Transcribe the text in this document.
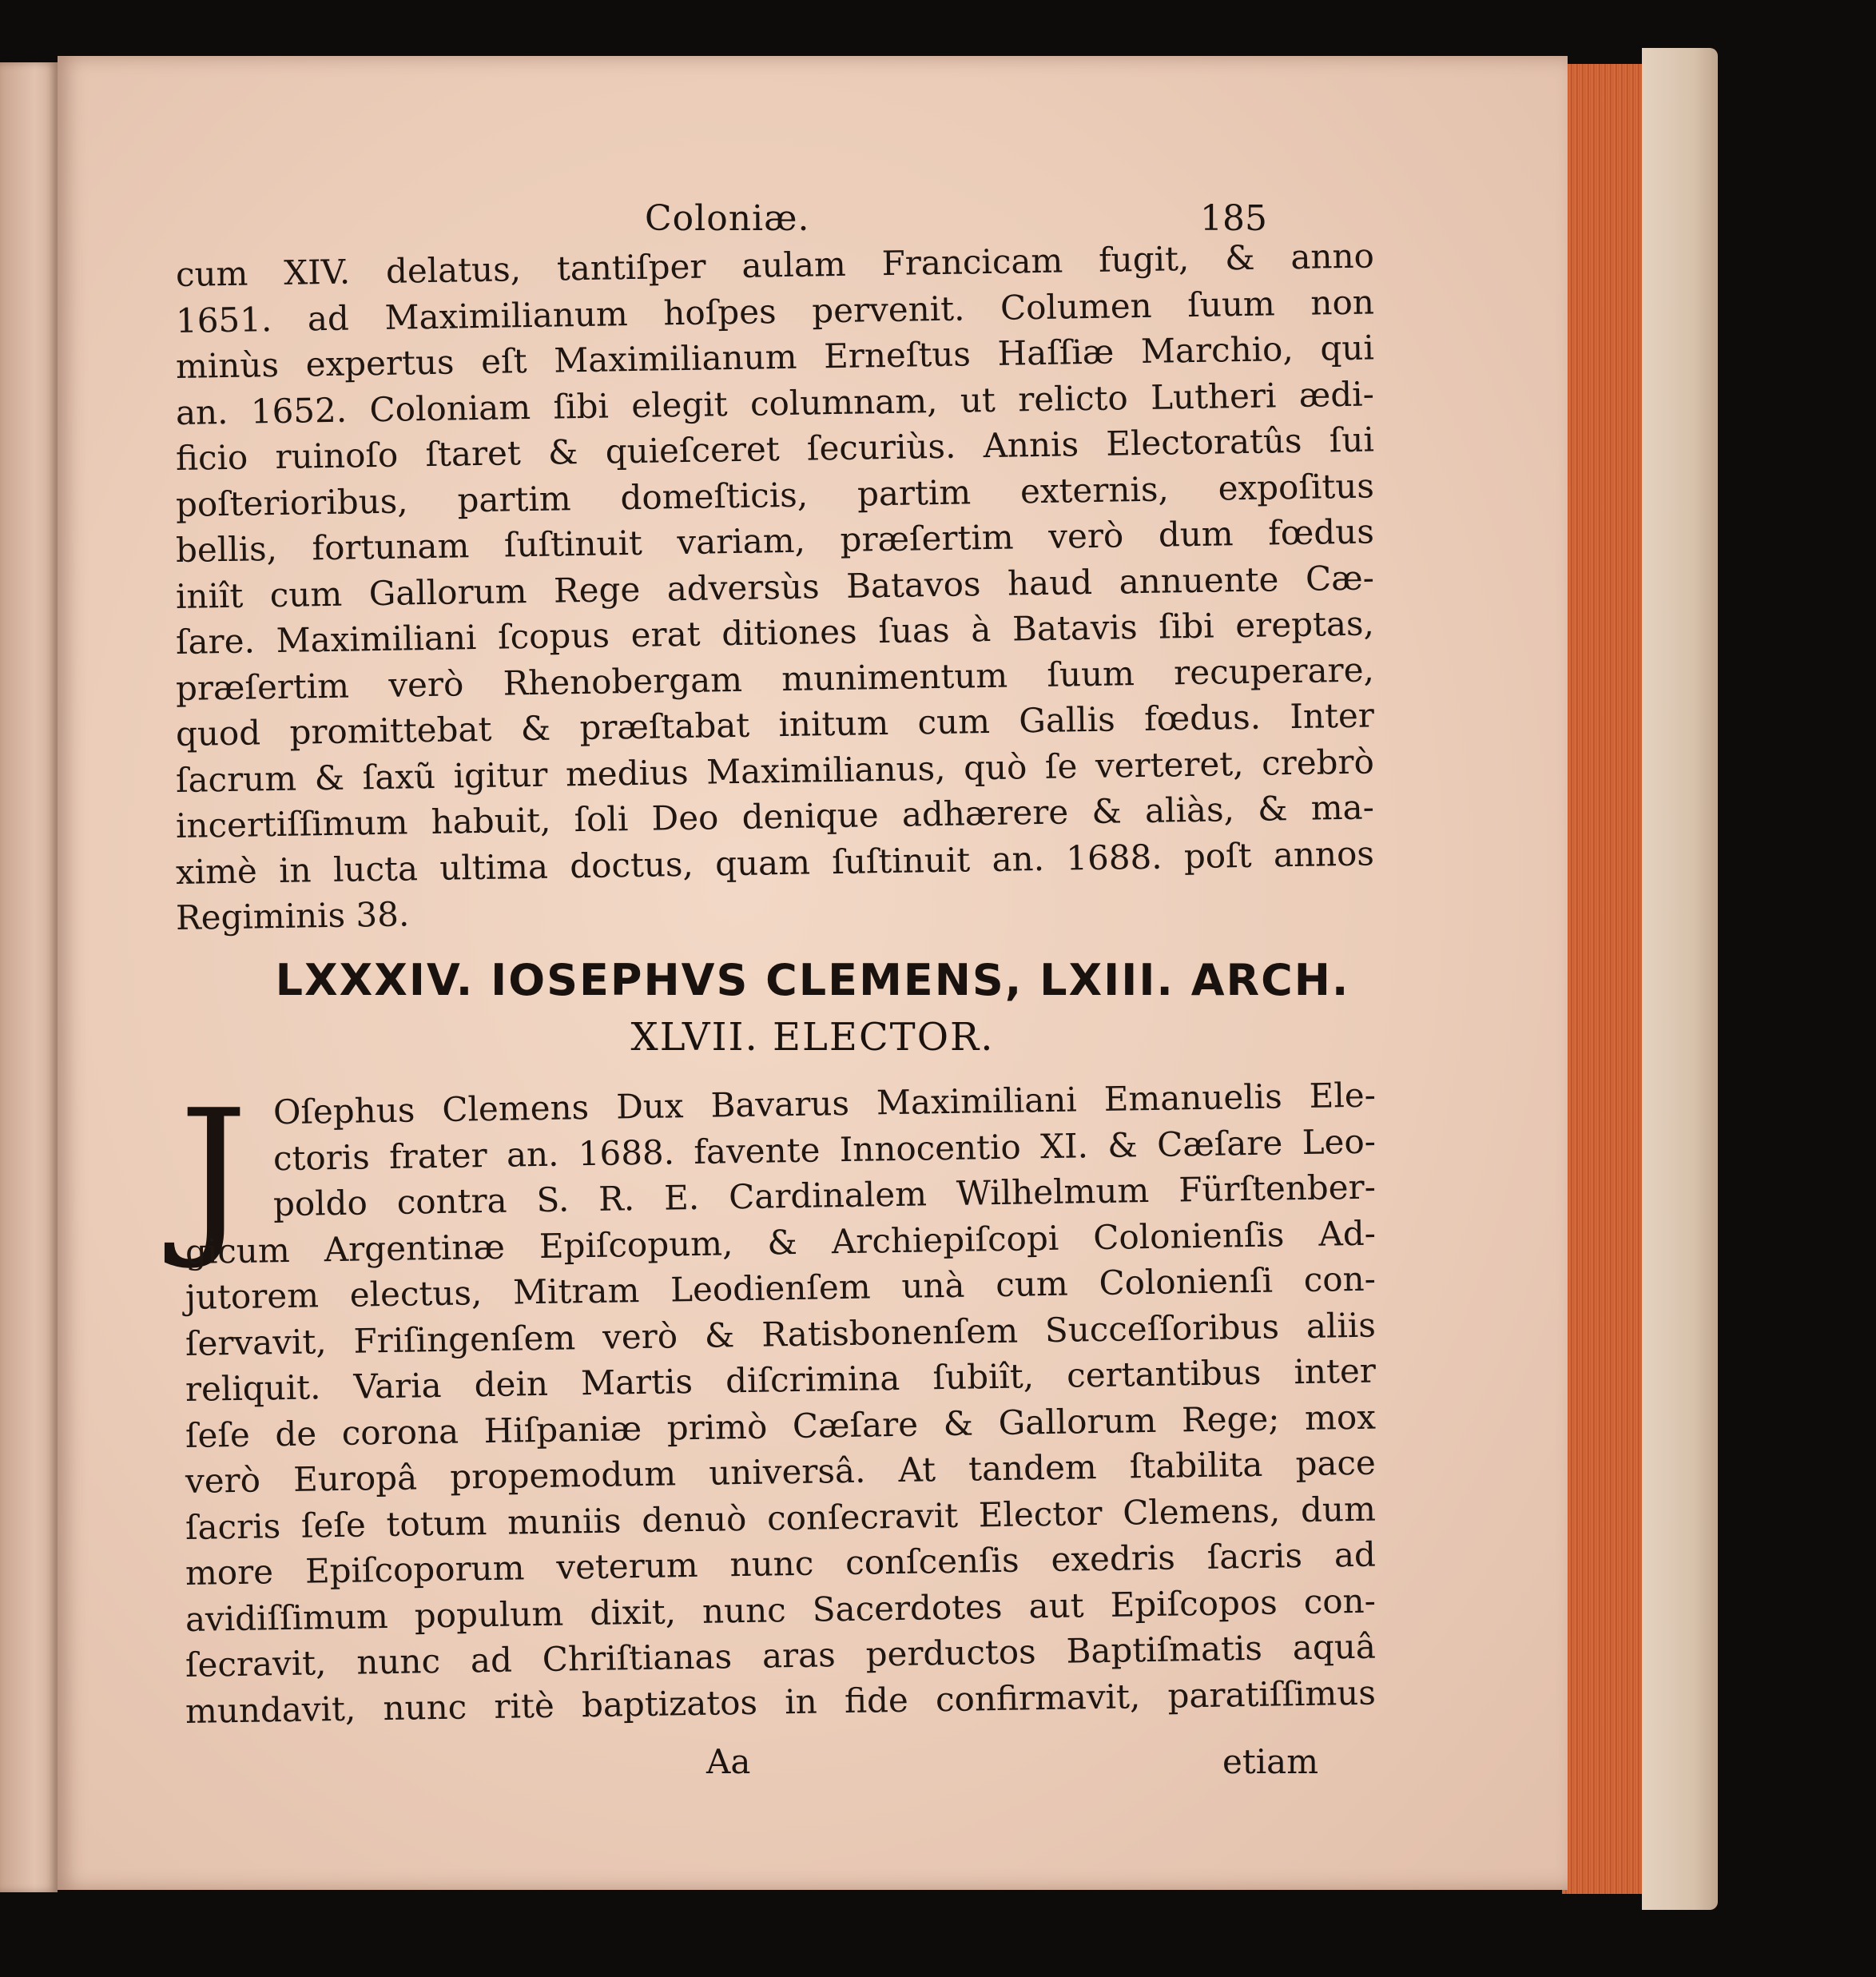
Coloniæ.	185
cum XIV. delatus, tantiſper aulam Francicam fugit, & anno
1651. ad Maximilianum hoſpes pervenit. Columen ſuum non
minùs expertus eſt Maximilianum Erneſtus Haſſiæ Marchio, qui
an. 1652. Coloniam ſibi elegit columnam, ut relicto Lutheri ædi-
ficio ruinoſo ſtaret & quieſceret ſecuriùs. Annis Electoratûs ſui
poſterioribus, partim domeſticis, partim externis, expoſitus
bellis, fortunam ſuſtinuit variam, præſertim verò dum fœdus
iniît cum Gallorum Rege adversùs Batavos haud annuente Cæ-
ſare. Maximiliani ſcopus erat ditiones ſuas à Batavis ſibi ereptas,
præſertim verò Rhenobergam munimentum ſuum recuperare,
quod promittebat & præſtabat initum cum Gallis fœdus. Inter
ſacrum & ſaxũ igitur medius Maximilianus, quò ſe verteret, crebrò
incertiſſimum habuit, ſoli Deo denique adhærere & aliàs, & ma-
ximè in lucta ultima doctus, quam ſuſtinuit an. 1688. poſt annos
Regiminis 38.
LXXXIV. IOSEPHVS CLEMENS, LXIII. ARCH.
XLVII. ELECTOR.
J Oſephus Clemens Dux Bavarus Maximiliani Emanuelis Ele-
ctoris frater an. 1688. favente Innocentio XI. & Cæſare Leo-
poldo contra S. R. E. Cardinalem Wilhelmum Fürſtenber-
gicum Argentinæ Epiſcopum, & Archiepiſcopi Colonienſis Ad-
jutorem electus, Mitram Leodienſem unà cum Colonienſi con-
ſervavit, Friſingenſem verò & Ratisbonenſem Succeſſoribus aliis
reliquit. Varia dein Martis diſcrimina ſubiît, certantibus inter
ſeſe de corona Hiſpaniæ primò Cæſare & Gallorum Rege; mox
verò Europâ propemodum universâ. At tandem ſtabilita pace
ſacris ſeſe totum muniis denuò conſecravit Elector Clemens, dum
more Epiſcoporum veterum nunc conſcenſis exedris ſacris ad
avidiſſimum populum dixit, nunc Sacerdotes aut Epiſcopos con-
ſecravit, nunc ad Chriſtianas aras perductos Baptiſmatis aquâ
mundavit, nunc ritè baptizatos in fide confirmavit, paratiſſimus
Aa	etiam
